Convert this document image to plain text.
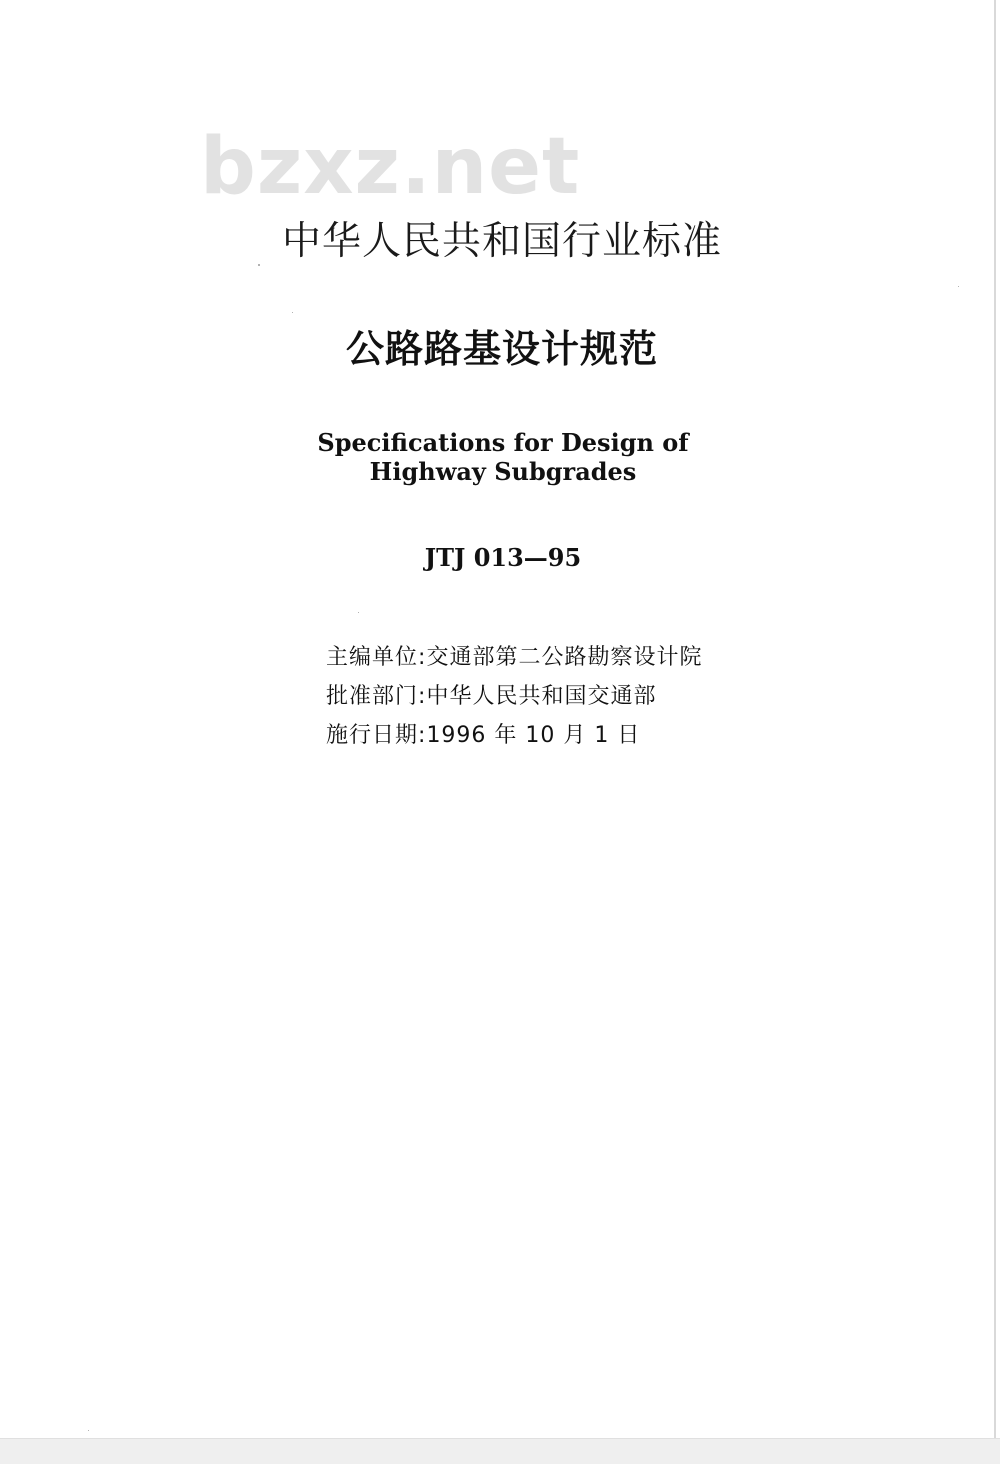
bzxz.net
中华人民共和国行业标准
公路路基设计规范
Specifications for Design of
Highway Subgrades
JTJ 013—95
主编单位:交通部第二公路勘察设计院
批准部门:中华人民共和国交通部
施行日期:1996 年 10 月 1 日
